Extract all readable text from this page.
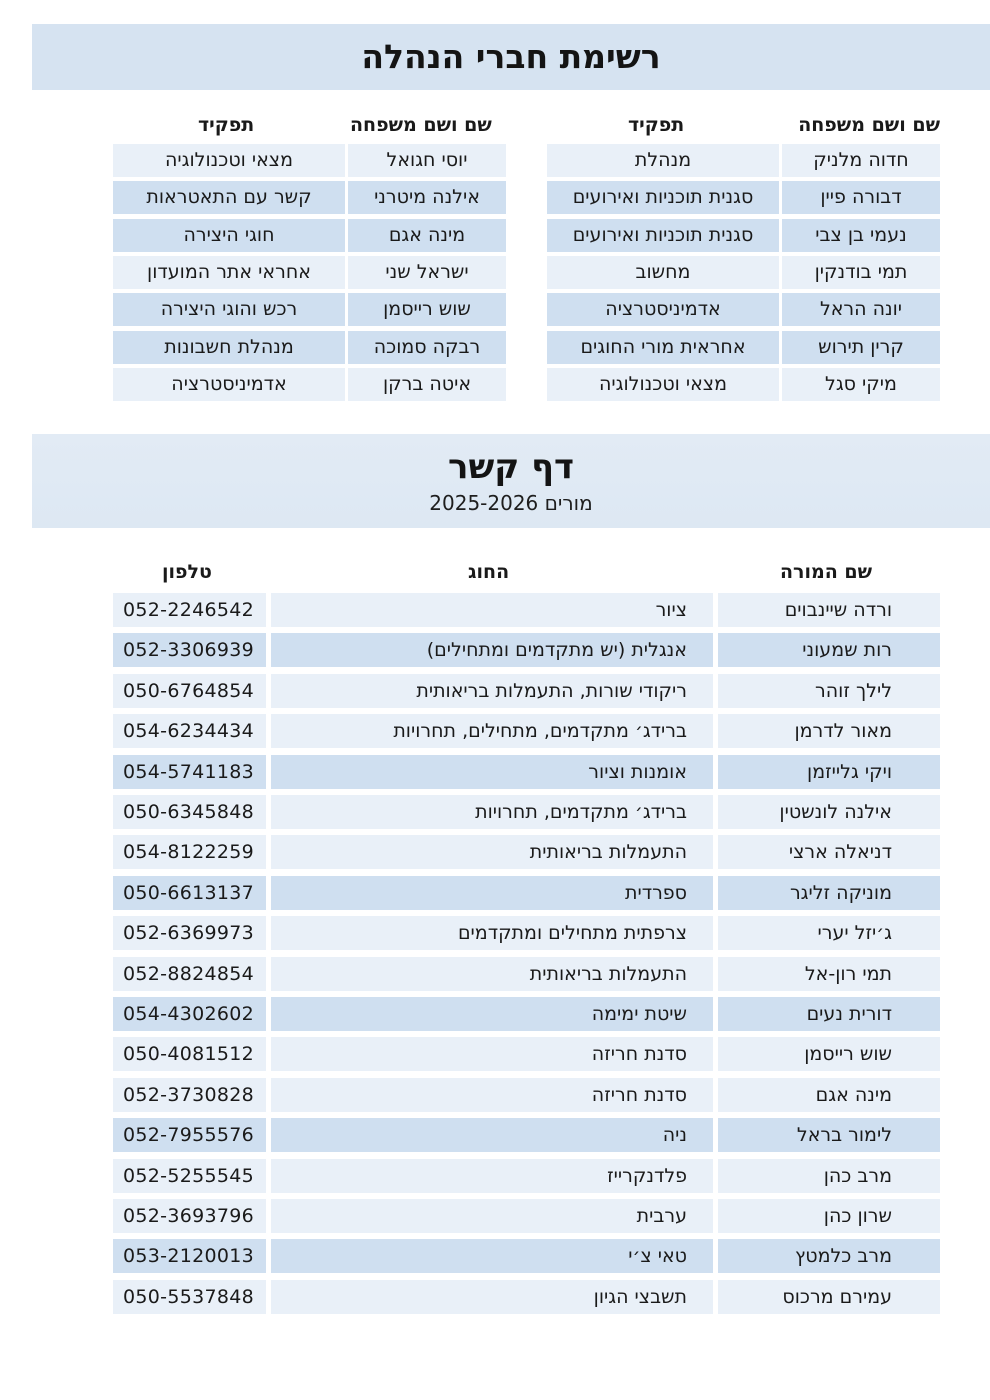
רשימת חברי הנהלה
שם ושם משפחה
תפקיד
שם ושם משפחה
תפקיד
חדוה מלניק
מנהלת
דבורה פיין
סגנית תוכניות ואירועים
נעמי בן צבי
סגנית תוכניות ואירועים
תמי בודנקין
מחשוב
יונה הראל
אדמיניסטרציה
קרין תירוש
אחראית מורי החוגים
מיקי סגל
מצאי וטכנולוגיה
יוסי חגואל
מצאי וטכנולוגיה
אילנה מיטרני
קשר עם התאטראות
מינה אגם
חוגי היצירה
ישראל שני
אחראי אתר המועדון
שוש רייסמן
רכש והוגי היצירה
רבקה סמוכה
מנהלת חשבונות
איטה ברקן
אדמיניסטרציה
דף קשר
מורים 2025-2026
שם המורה
החוג
טלפון
ורדה שיינבוים
ציור
052-2246542
רות שמעוני
אנגלית (יש מתקדמים ומתחילים)
052-3306939
לילך זוהר
ריקודי שורות, התעמלות בריאותית
050-6764854
מאור לדרמן
ברידג׳ מתקדמים, מתחילים, תחרויות
054-6234434
ויקי גלייזמן
אומנות וציור
054-5741183
אילנה לונשטין
ברידג׳ מתקדמים, תחרויות
050-6345848
דניאלה ארצי
התעמלות בריאותית
054-8122259
מוניקה זליגר
ספרדית
050-6613137
ג׳יזל יערי
צרפתית מתחילים ומתקדמים
052-6369973
תמי רון-אל
התעמלות בריאותית
052-8824854
דורית נעים
שיטת ימימה
054-4302602
שוש רייסמן
סדנת חריזה
050-4081512
מינה אגם
סדנת חריזה
052-3730828
לימור בראל
ניה
052-7955576
מרב כהן
פלדנקרייז
052-5255545
שרון כהן
ערבית
052-3693796
מרב כלמטץ
טאי צ׳י
053-2120013
עמירם מרכוס
תשבצי הגיון
050-5537848
